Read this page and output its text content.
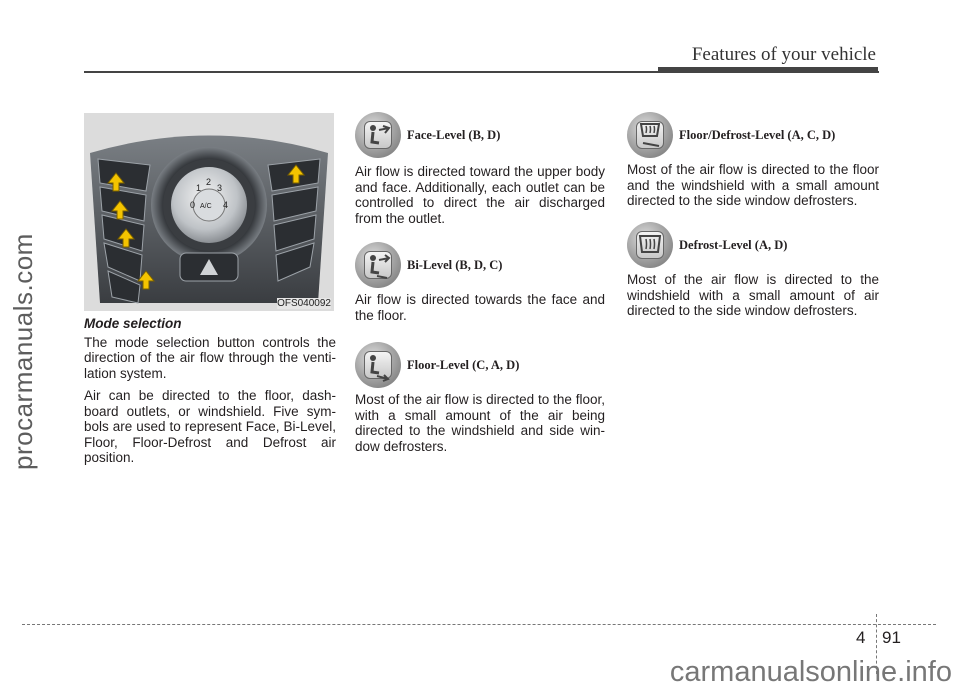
Features of your vehicle
procarmanuals.com
0
1
2
3
4
A/C
OFS040092
Mode selection

The mode selection button controls the direction of the air flow through the venti-lation system.

Air can be directed to the floor, dash-board outlets, or windshield. Five sym-bols are used to represent Face, Bi-Level, Floor, Floor-Defrost and Defrost air position.

Face-Level (B, D)

Air flow is directed toward the upper body and face. Additionally, each outlet can be controlled to direct the air discharged from the outlet.

Bi-Level (B, D, C)

Air flow is directed towards the face and the floor.

Floor-Level (C, A, D)

Most of the air flow is directed to the floor, with a small amount of the air being directed to the windshield and side win-dow defrosters.

Floor/Defrost-Level (A, C, D)

Most of the air flow is directed to the floor and the windshield with a small amount directed to the side window defrosters.

Defrost-Level (A, D)

Most of the air flow is directed to the windshield with a small amount of air directed to the side window defrosters.

4 91
carmanualsonline.info
